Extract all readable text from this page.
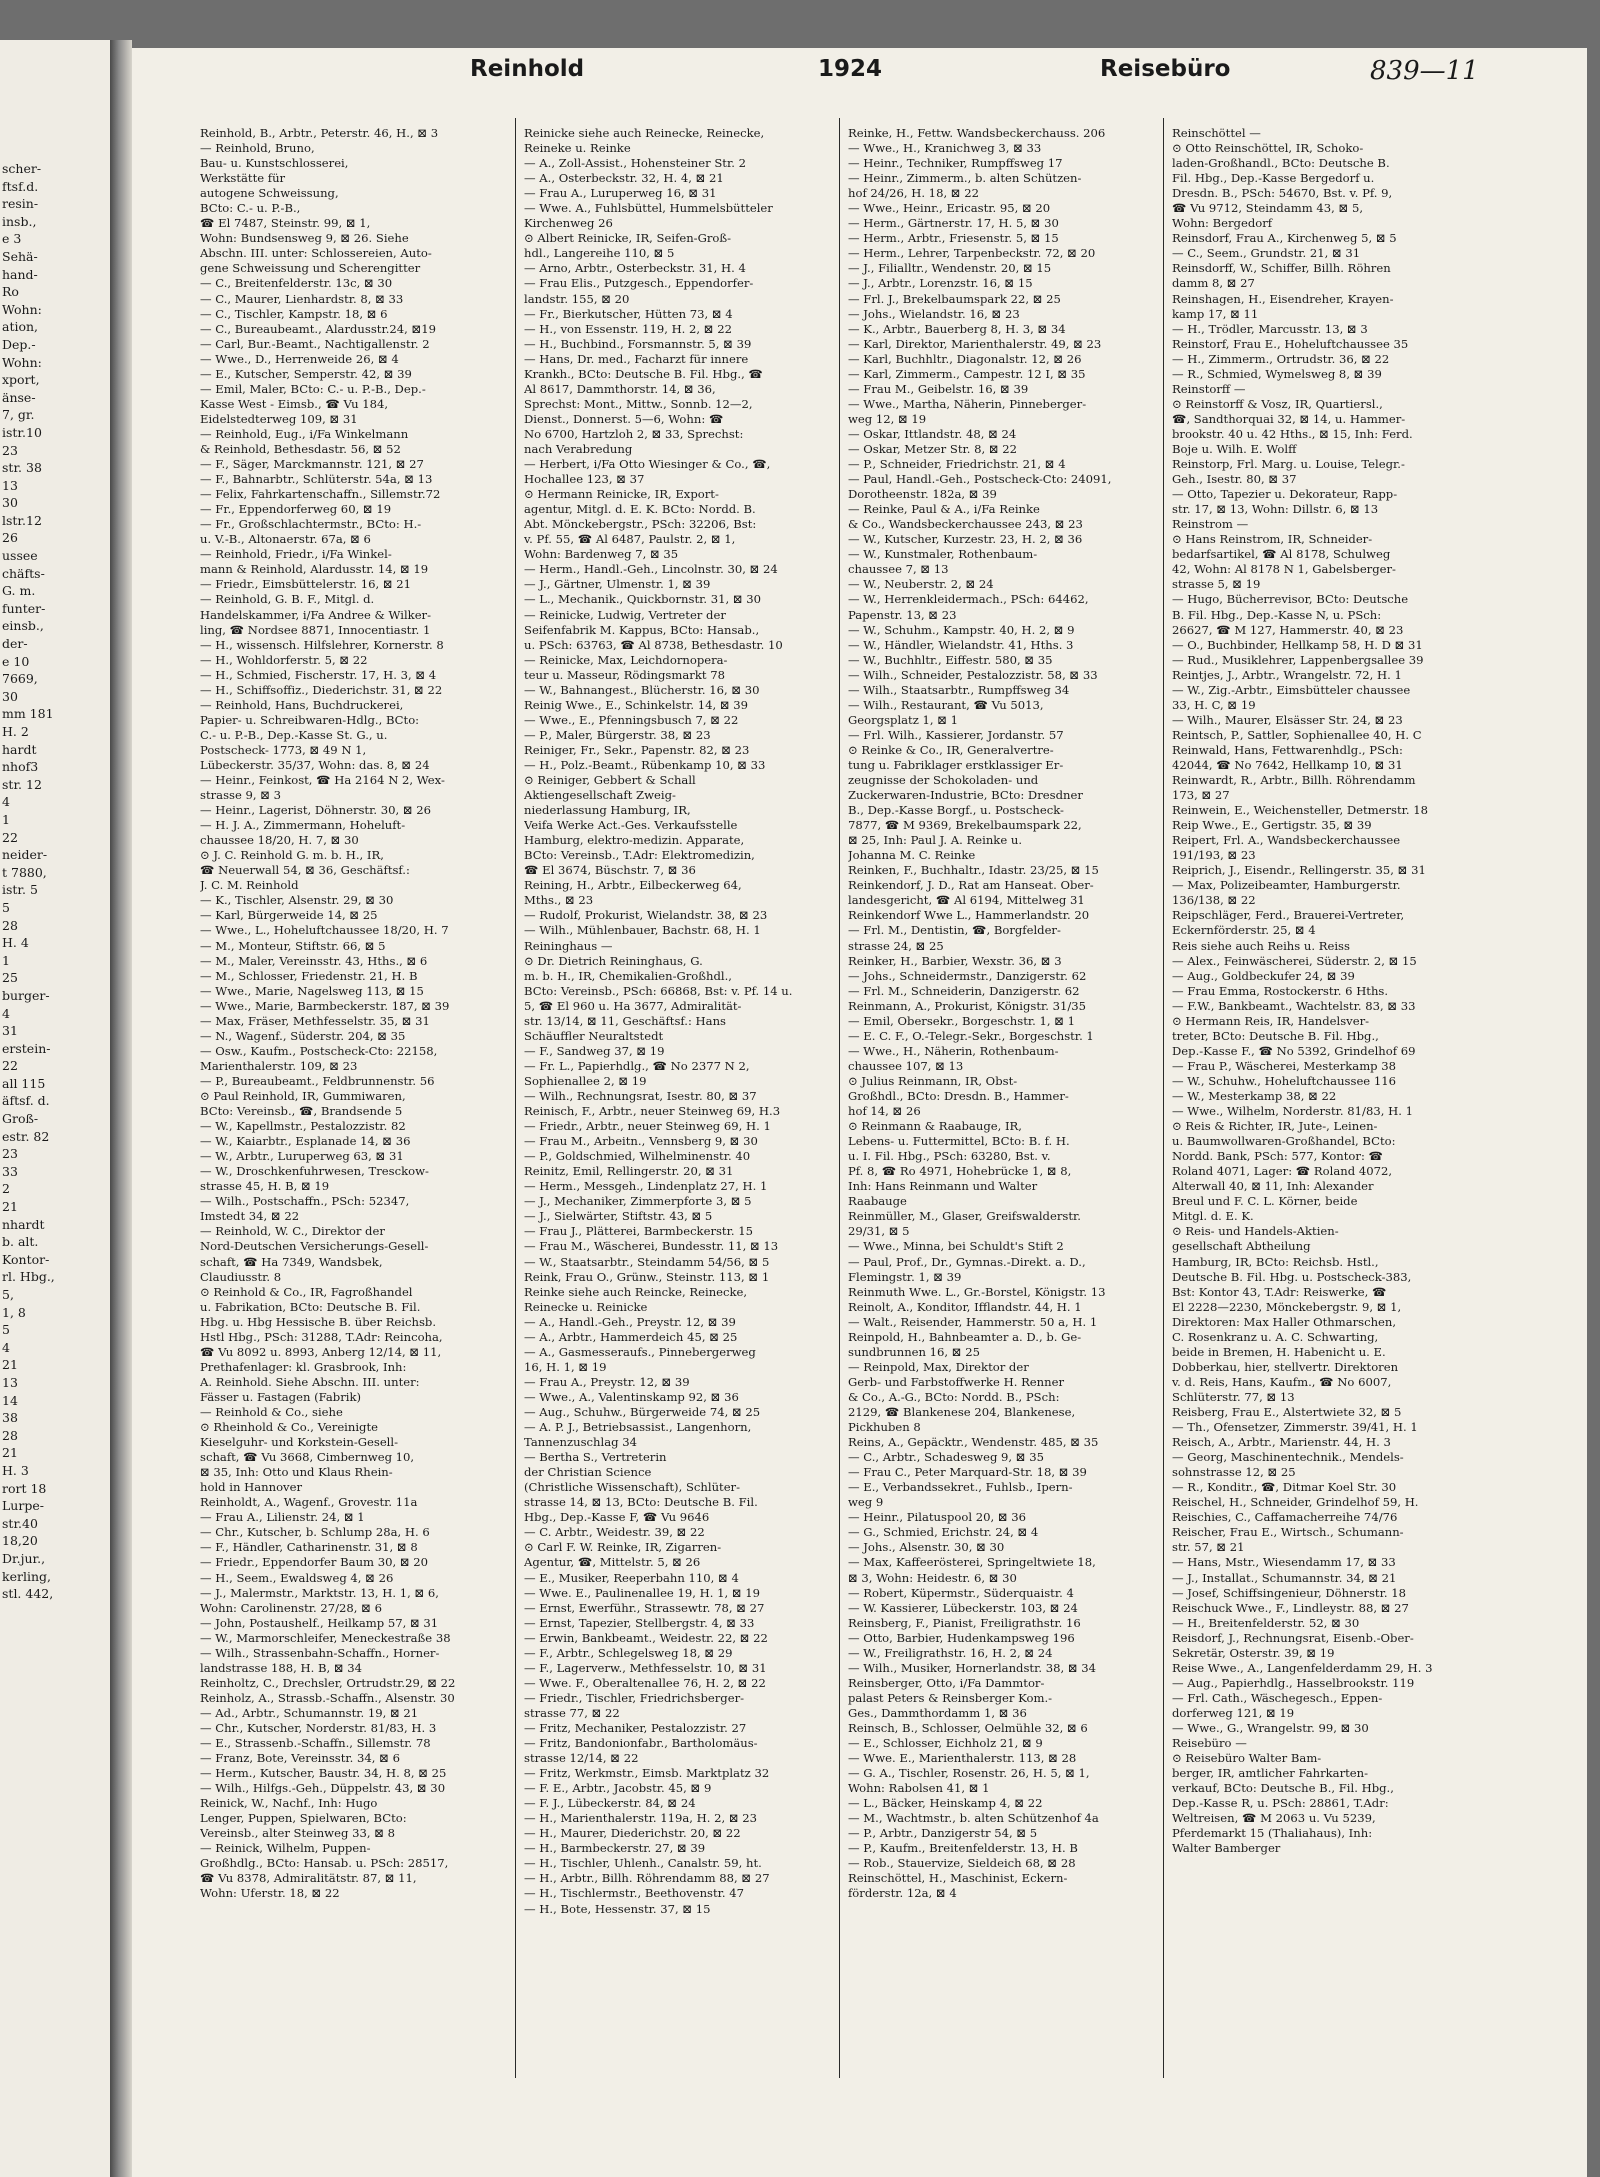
scher-
ftsf.d.
resin-
insb.,
e 3
Sehä-
hand-
Ro
Wohn:
ation,
Dep.-
Wohn:
xport,
änse-
7, gr.
istr.10
23
str. 38
13
30
lstr.12
26
ussee
chäfts-
G. m.
funter-
einsb.,
der-
e 10
7669,
30
mm 181
H. 2
hardt
nhof3
str. 12
4
1
22
neider-
t 7880,
istr. 5
5
28
H. 4
1
25
burger-
4
31
erstein-
22
all 115
äftsf. d.
Groß-
estr. 82
23
33
2
21
nhardt
b. alt.
Kontor-
rl. Hbg.,
5,
1, 8
5
4
21
13
14
38
28
21
H. 3
rort 18
Lurpe-
str.40
18,20
Dr.jur.,
kerling,
stl. 442,
Reinhold	1924	Reisebüro	839—11
Reinhold, B., Arbtr., Peterstr. 46, H., ⊠ 3
— Reinhold, Bruno,
Bau- u. Kunstschlosserei,
Werkstätte für
autogene Schweissung,
BCto: C.- u. P.-B.,
☎ El 7487, Steinstr. 99, ⊠ 1,
Wohn: Bundsensweg 9, ⊠ 26. Siehe
Abschn. III. unter: Schlossereien, Auto-
gene Schweissung und Scherengitter
— C., Breitenfelderstr. 13c, ⊠ 30
— C., Maurer, Lienhardstr. 8, ⊠ 33
— C., Tischler, Kampstr. 18, ⊠ 6
— C., Bureaubeamt., Alardusstr.24, ⊠19
— Carl, Bur.-Beamt., Nachtigallenstr. 2
— Wwe., D., Herrenweide 26, ⊠ 4
— E., Kutscher, Semperstr. 42, ⊠ 39
— Emil, Maler, BCto: C.- u. P.-B., Dep.-
Kasse West - Eimsb., ☎ Vu 184,
Eidelstedterweg 109, ⊠ 31
— Reinhold, Eug., i/Fa Winkelmann
& Reinhold, Bethesdastr. 56, ⊠ 52
— F., Säger, Marckmannstr. 121, ⊠ 27
— F., Bahnarbtr., Schlüterstr. 54a, ⊠ 13
— Felix, Fahrkartenschaffn., Sillemstr.72
— Fr., Eppendorferweg 60, ⊠ 19
— Fr., Großschlachtermstr., BCto: H.-
u. V.-B., Altonaerstr. 67a, ⊠ 6
— Reinhold, Friedr., i/Fa Winkel-
mann & Reinhold, Alardusstr. 14, ⊠ 19
— Friedr., Eimsbüttelerstr. 16, ⊠ 21
— Reinhold, G. B. F., Mitgl. d.
Handelskammer, i/Fa Andree & Wilker-
ling, ☎ Nordsee 8871, Innocentiastr. 1
— H., wissensch. Hilfslehrer, Kornerstr. 8
— H., Wohldorferstr. 5, ⊠ 22
— H., Schmied, Fischerstr. 17, H. 3, ⊠ 4
— H., Schiffsoffiz., Diederichstr. 31, ⊠ 22
— Reinhold, Hans, Buchdruckerei,
Papier- u. Schreibwaren-Hdlg., BCto:
C.- u. P.-B., Dep.-Kasse St. G., u.
Postscheck- 1773, ⊠ 49 N 1,
Lübeckerstr. 35/37, Wohn: das. 8, ⊠ 24
— Heinr., Feinkost, ☎ Ha 2164 N 2, Wex-
strasse 9, ⊠ 3
— Heinr., Lagerist, Döhnerstr. 30, ⊠ 26
— H. J. A., Zimmermann, Hoheluft-
chaussee 18/20, H. 7, ⊠ 30
⊙ J. C. Reinhold G. m. b. H., IR,
☎ Neuerwall 54, ⊠ 36, Geschäftsf.:
J. C. M. Reinhold
— K., Tischler, Alsenstr. 29, ⊠ 30
— Karl, Bürgerweide 14, ⊠ 25
— Wwe., L., Hoheluftchaussee 18/20, H. 7
— M., Monteur, Stiftstr. 66, ⊠ 5
— M., Maler, Vereinsstr. 43, Hths., ⊠ 6
— M., Schlosser, Friedenstr. 21, H. B
— Wwe., Marie, Nagelsweg 113, ⊠ 15
— Wwe., Marie, Barmbeckerstr. 187, ⊠ 39
— Max, Fräser, Methfesselstr. 35, ⊠ 31
— N., Wagenf., Süderstr. 204, ⊠ 35
— Osw., Kaufm., Postscheck-Cto: 22158,
Marienthalerstr. 109, ⊠ 23
— P., Bureaubeamt., Feldbrunnenstr. 56
⊙ Paul Reinhold, IR, Gummiwaren,
BCto: Vereinsb., ☎, Brandsende 5
— W., Kapellmstr., Pestalozzistr. 82
— W., Kaiarbtr., Esplanade 14, ⊠ 36
— W., Arbtr., Luruperweg 63, ⊠ 31
— W., Droschkenfuhrwesen, Tresckow-
strasse 45, H. B, ⊠ 19
— Wilh., Postschaffn., PSch: 52347,
Imstedt 34, ⊠ 22
— Reinhold, W. C., Direktor der
Nord-Deutschen Versicherungs-Gesell-
schaft, ☎ Ha 7349, Wandsbek,
Claudiusstr. 8
⊙ Reinhold & Co., IR, Fagroßhandel
u. Fabrikation, BCto: Deutsche B. Fil.
Hbg. u. Hbg Hessische B. über Reichsb.
Hstl Hbg., PSch: 31288, T.Adr: Reincoha,
☎ Vu 8092 u. 8993, Anberg 12/14, ⊠ 11,
Prethafenlager: kl. Grasbrook, Inh:
A. Reinhold. Siehe Abschn. III. unter:
Fässer u. Fastagen (Fabrik)
— Reinhold & Co., siehe
⊙ Rheinhold & Co., Vereinigte
Kieselguhr- und Korkstein-Gesell-
schaft, ☎ Vu 3668, Cimbernweg 10,
⊠ 35, Inh: Otto und Klaus Rhein-
hold in Hannover
Reinholdt, A., Wagenf., Grovestr. 11a
— Frau A., Lilienstr. 24, ⊠ 1
— Chr., Kutscher, b. Schlump 28a, H. 6
— F., Händler, Catharinenstr. 31, ⊠ 8
— Friedr., Eppendorfer Baum 30, ⊠ 20
— H., Seem., Ewaldsweg 4, ⊠ 26
— J., Malermstr., Marktstr. 13, H. 1, ⊠ 6,
Wohn: Carolinenstr. 27/28, ⊠ 6
— John, Postaushelf., Heilkamp 57, ⊠ 31
— W., Marmorschleifer, Meneckestraße 38
— Wilh., Strassenbahn-Schaffn., Horner-
landstrasse 188, H. B, ⊠ 34
Reinholtz, C., Drechsler, Ortrudstr.29, ⊠ 22
Reinholz, A., Strassb.-Schaffn., Alsenstr. 30
— Ad., Arbtr., Schumannstr. 19, ⊠ 21
— Chr., Kutscher, Norderstr. 81/83, H. 3
— E., Strassenb.-Schaffn., Sillemstr. 78
— Franz, Bote, Vereinsstr. 34, ⊠ 6
— Herm., Kutscher, Baustr. 34, H. 8, ⊠ 25
— Wilh., Hilfgs.-Geh., Düppelstr. 43, ⊠ 30
Reinick, W., Nachf., Inh: Hugo
Lenger, Puppen, Spielwaren, BCto:
Vereinsb., alter Steinweg 33, ⊠ 8
— Reinick, Wilhelm, Puppen-
Großhdlg., BCto: Hansab. u. PSch: 28517,
☎ Vu 8378, Admiralitätstr. 87, ⊠ 11,
Wohn: Uferstr. 18, ⊠ 22
Reinicke siehe auch Reinecke, Reinecke,
Reineke u. Reinke
— A., Zoll-Assist., Hohensteiner Str. 2
— A., Osterbeckstr. 32, H. 4, ⊠ 21
— Frau A., Luruperweg 16, ⊠ 31
— Wwe. A., Fuhlsbüttel, Hummelsbütteler
Kirchenweg 26
⊙ Albert Reinicke, IR, Seifen-Groß-
hdl., Langereihe 110, ⊠ 5
— Arno, Arbtr., Osterbeckstr. 31, H. 4
— Frau Elis., Putzgesch., Eppendorfer-
landstr. 155, ⊠ 20
— Fr., Bierkutscher, Hütten 73, ⊠ 4
— H., von Essenstr. 119, H. 2, ⊠ 22
— H., Buchbind., Forsmannstr. 5, ⊠ 39
— Hans, Dr. med., Facharzt für innere
Krankh., BCto: Deutsche B. Fil. Hbg., ☎
Al 8617, Dammthorstr. 14, ⊠ 36,
Sprechst: Mont., Mittw., Sonnb. 12—2,
Dienst., Donnerst. 5—6, Wohn: ☎
No 6700, Hartzloh 2, ⊠ 33, Sprechst:
nach Verabredung
— Herbert, i/Fa Otto Wiesinger & Co., ☎,
Hochallee 123, ⊠ 37
⊙ Hermann Reinicke, IR, Export-
agentur, Mitgl. d. E. K. BCto: Nordd. B.
Abt. Mönckebergstr., PSch: 32206, Bst:
v. Pf. 55, ☎ Al 6487, Paulstr. 2, ⊠ 1,
Wohn: Bardenweg 7, ⊠ 35
— Herm., Handl.-Geh., Lincolnstr. 30, ⊠ 24
— J., Gärtner, Ulmenstr. 1, ⊠ 39
— L., Mechanik., Quickbornstr. 31, ⊠ 30
— Reinicke, Ludwig, Vertreter der
Seifenfabrik M. Kappus, BCto: Hansab.,
u. PSch: 63763, ☎ Al 8738, Bethesdastr. 10
— Reinicke, Max, Leichdornopera-
teur u. Masseur, Rödingsmarkt 78
— W., Bahnangest., Blücherstr. 16, ⊠ 30
Reinig Wwe., E., Schinkelstr. 14, ⊠ 39
— Wwe., E., Pfenningsbusch 7, ⊠ 22
— P., Maler, Bürgerstr. 38, ⊠ 23
Reiniger, Fr., Sekr., Papenstr. 82, ⊠ 23
— H., Polz.-Beamt., Rübenkamp 10, ⊠ 33
⊙ Reiniger, Gebbert & Schall
Aktiengesellschaft Zweig-
niederlassung Hamburg, IR,
Veifa Werke Act.-Ges. Verkaufsstelle
Hamburg, elektro-medizin. Apparate,
BCto: Vereinsb., T.Adr: Elektromedizin,
☎ El 3674, Büschstr. 7, ⊠ 36
Reining, H., Arbtr., Eilbeckerweg 64,
Mths., ⊠ 23
— Rudolf, Prokurist, Wielandstr. 38, ⊠ 23
— Wilh., Mühlenbauer, Bachstr. 68, H. 1
Reininghaus —
⊙ Dr. Dietrich Reininghaus, G.
m. b. H., IR, Chemikalien-Großhdl.,
BCto: Vereinsb., PSch: 66868, Bst: v. Pf. 14 u.
5, ☎ El 960 u. Ha 3677, Admiralität-
str. 13/14, ⊠ 11, Geschäftsf.: Hans
Schäuffler Neuraltstedt
— F., Sandweg 37, ⊠ 19
— Fr. L., Papierhdlg., ☎ No 2377 N 2,
Sophienallee 2, ⊠ 19
— Wilh., Rechnungsrat, Isestr. 80, ⊠ 37
Reinisch, F., Arbtr., neuer Steinweg 69, H.3
— Friedr., Arbtr., neuer Steinweg 69, H. 1
— Frau M., Arbeitn., Vennsberg 9, ⊠ 30
— P., Goldschmied, Wilhelminenstr. 40
Reinitz, Emil, Rellingerstr. 20, ⊠ 31
— Herm., Messgeh., Lindenplatz 27, H. 1
— J., Mechaniker, Zimmerpforte 3, ⊠ 5
— J., Sielwärter, Stiftstr. 43, ⊠ 5
— Frau J., Plätterei, Barmbeckerstr. 15
— Frau M., Wäscherei, Bundesstr. 11, ⊠ 13
— W., Staatsarbtr., Steindamm 54/56, ⊠ 5
Reink, Frau O., Grünw., Steinstr. 113, ⊠ 1
Reinke siehe auch Reincke, Reinecke,
Reinecke u. Reinicke
— A., Handl.-Geh., Preystr. 12, ⊠ 39
— A., Arbtr., Hammerdeich 45, ⊠ 25
— A., Gasmesseraufs., Pinnebergerweg
16, H. 1, ⊠ 19
— Frau A., Preystr. 12, ⊠ 39
— Wwe., A., Valentinskamp 92, ⊠ 36
— Aug., Schuhw., Bürgerweide 74, ⊠ 25
— A. P. J., Betriebsassist., Langenhorn,
Tannenzuschlag 34
— Bertha S., Vertreterin
der Christian Science
(Christliche Wissenschaft), Schlüter-
strasse 14, ⊠ 13, BCto: Deutsche B. Fil.
Hbg., Dep.-Kasse F, ☎ Vu 9646
— C. Arbtr., Weidestr. 39, ⊠ 22
⊙ Carl F. W. Reinke, IR, Zigarren-
Agentur, ☎, Mittelstr. 5, ⊠ 26
— E., Musiker, Reeperbahn 110, ⊠ 4
— Wwe. E., Paulinenallee 19, H. 1, ⊠ 19
— Ernst, Ewerführ., Strassewtr. 78, ⊠ 27
— Ernst, Tapezier, Stellbergstr. 4, ⊠ 33
— Erwin, Bankbeamt., Weidestr. 22, ⊠ 22
— F., Arbtr., Schlegelsweg 18, ⊠ 29
— F., Lagerverw., Methfesselstr. 10, ⊠ 31
— Wwe. F., Oberaltenallee 76, H. 2, ⊠ 22
— Friedr., Tischler, Friedrichsberger-
strasse 77, ⊠ 22
— Fritz, Mechaniker, Pestalozzistr. 27
— Fritz, Bandonionfabr., Bartholomäus-
strasse 12/14, ⊠ 22
— Fritz, Werkmstr., Eimsb. Marktplatz 32
— F. E., Arbtr., Jacobstr. 45, ⊠ 9
— F. J., Lübeckerstr. 84, ⊠ 24
— H., Marienthalerstr. 119a, H. 2, ⊠ 23
— H., Maurer, Diederichstr. 20, ⊠ 22
— H., Barmbeckerstr. 27, ⊠ 39
— H., Tischler, Uhlenh., Canalstr. 59, ht.
— H., Arbtr., Billh. Röhrendamm 88, ⊠ 27
— H., Tischlermstr., Beethovenstr. 47
— H., Bote, Hessenstr. 37, ⊠ 15
Reinke, H., Fettw. Wandsbeckerchauss. 206
— Wwe., H., Kranichweg 3, ⊠ 33
— Heinr., Techniker, Rumpffsweg 17
— Heinr., Zimmerm., b. alten Schützen-
hof 24/26, H. 18, ⊠ 22
— Wwe., Heinr., Ericastr. 95, ⊠ 20
— Herm., Gärtnerstr. 17, H. 5, ⊠ 30
— Herm., Arbtr., Friesenstr. 5, ⊠ 15
— Herm., Lehrer, Tarpenbeckstr. 72, ⊠ 20
— J., Filialltr., Wendenstr. 20, ⊠ 15
— J., Arbtr., Lorenzstr. 16, ⊠ 15
— Frl. J., Brekelbaumspark 22, ⊠ 25
— Johs., Wielandstr. 16, ⊠ 23
— K., Arbtr., Bauerberg 8, H. 3, ⊠ 34
— Karl, Direktor, Marienthalerstr. 49, ⊠ 23
— Karl, Buchhltr., Diagonalstr. 12, ⊠ 26
— Karl, Zimmerm., Campestr. 12 I, ⊠ 35
— Frau M., Geibelstr. 16, ⊠ 39
— Wwe., Martha, Näherin, Pinneberger-
weg 12, ⊠ 19
— Oskar, Ittlandstr. 48, ⊠ 24
— Oskar, Metzer Str. 8, ⊠ 22
— P., Schneider, Friedrichstr. 21, ⊠ 4
— Paul, Handl.-Geh., Postscheck-Cto: 24091,
Dorotheenstr. 182a, ⊠ 39
— Reinke, Paul & A., i/Fa Reinke
& Co., Wandsbeckerchaussee 243, ⊠ 23
— W., Kutscher, Kurzestr. 23, H. 2, ⊠ 36
— W., Kunstmaler, Rothenbaum-
chaussee 7, ⊠ 13
— W., Neuberstr. 2, ⊠ 24
— W., Herrenkleidermach., PSch: 64462,
Papenstr. 13, ⊠ 23
— W., Schuhm., Kampstr. 40, H. 2, ⊠ 9
— W., Händler, Wielandstr. 41, Hths. 3
— W., Buchhltr., Eiffestr. 580, ⊠ 35
— Wilh., Schneider, Pestalozzistr. 58, ⊠ 33
— Wilh., Staatsarbtr., Rumpffsweg 34
— Wilh., Restaurant, ☎ Vu 5013,
Georgsplatz 1, ⊠ 1
— Frl. Wilh., Kassierer, Jordanstr. 57
⊙ Reinke & Co., IR, Generalvertre-
tung u. Fabriklager erstklassiger Er-
zeugnisse der Schokoladen- und
Zuckerwaren-Industrie, BCto: Dresdner
B., Dep.-Kasse Borgf., u. Postscheck-
7877, ☎ M 9369, Brekelbaumspark 22,
⊠ 25, Inh: Paul J. A. Reinke u.
Johanna M. C. Reinke
Reinken, F., Buchhaltr., Idastr. 23/25, ⊠ 15
Reinkendorf, J. D., Rat am Hanseat. Ober-
landesgericht, ☎ Al 6194, Mittelweg 31
Reinkendorf Wwe L., Hammerlandstr. 20
— Frl. M., Dentistin, ☎, Borgfelder-
strasse 24, ⊠ 25
Reinker, H., Barbier, Wexstr. 36, ⊠ 3
— Johs., Schneidermstr., Danzigerstr. 62
— Frl. M., Schneiderin, Danzigerstr. 62
Reinmann, A., Prokurist, Königstr. 31/35
— Emil, Obersekr., Borgeschstr. 1, ⊠ 1
— E. C. F., O.-Telegr.-Sekr., Borgeschstr. 1
— Wwe., H., Näherin, Rothenbaum-
chaussee 107, ⊠ 13
⊙ Julius Reinmann, IR, Obst-
Großhdl., BCto: Dresdn. B., Hammer-
hof 14, ⊠ 26
⊙ Reinmann & Raabauge, IR,
Lebens- u. Futtermittel, BCto: B. f. H.
u. I. Fil. Hbg., PSch: 63280, Bst. v.
Pf. 8, ☎ Ro 4971, Hohebrücke 1, ⊠ 8,
Inh: Hans Reinmann und Walter
Raabauge
Reinmüller, M., Glaser, Greifswalderstr.
29/31, ⊠ 5
— Wwe., Minna, bei Schuldt's Stift 2
— Paul, Prof., Dr., Gymnas.-Direkt. a. D.,
Flemingstr. 1, ⊠ 39
Reinmuth Wwe. L., Gr.-Borstel, Königstr. 13
Reinolt, A., Konditor, Ifflandstr. 44, H. 1
— Walt., Reisender, Hammerstr. 50 a, H. 1
Reinpold, H., Bahnbeamter a. D., b. Ge-
sundbrunnen 16, ⊠ 25
— Reinpold, Max, Direktor der
Gerb- und Farbstoffwerke H. Renner
& Co., A.-G., BCto: Nordd. B., PSch:
2129, ☎ Blankenese 204, Blankenese,
Pickhuben 8
Reins, A., Gepäcktr., Wendenstr. 485, ⊠ 35
— C., Arbtr., Schadesweg 9, ⊠ 35
— Frau C., Peter Marquard-Str. 18, ⊠ 39
— E., Verbandssekret., Fuhlsb., Ipern-
weg 9
— Heinr., Pilatuspool 20, ⊠ 36
— G., Schmied, Erichstr. 24, ⊠ 4
— Johs., Alsenstr. 30, ⊠ 30
— Max, Kaffeerösterei, Springeltwiete 18,
⊠ 3, Wohn: Heidestr. 6, ⊠ 30
— Robert, Küpermstr., Süderquaistr. 4
— W. Kassierer, Lübeckerstr. 103, ⊠ 24
Reinsberg, F., Pianist, Freiligrathstr. 16
— Otto, Barbier, Hudenkampsweg 196
— W., Freiligrathstr. 16, H. 2, ⊠ 24
— Wilh., Musiker, Hornerlandstr. 38, ⊠ 34
Reinsberger, Otto, i/Fa Dammtor-
palast Peters & Reinsberger Kom.-
Ges., Dammthordamm 1, ⊠ 36
Reinsch, B., Schlosser, Oelmühle 32, ⊠ 6
— E., Schlosser, Eichholz 21, ⊠ 9
— Wwe. E., Marienthalerstr. 113, ⊠ 28
— G. A., Tischler, Rosenstr. 26, H. 5, ⊠ 1,
Wohn: Rabolsen 41, ⊠ 1
— L., Bäcker, Heinskamp 4, ⊠ 22
— M., Wachtmstr., b. alten Schützenhof 4a
— P., Arbtr., Danzigerstr 54, ⊠ 5
— P., Kaufm., Breitenfelderstr. 13, H. B
— Rob., Stauervize, Sieldeich 68, ⊠ 28
Reinschöttel, H., Maschinist, Eckern-
förderstr. 12a, ⊠ 4
Reinschöttel —
⊙ Otto Reinschöttel, IR, Schoko-
laden-Großhandl., BCto: Deutsche B.
Fil. Hbg., Dep.-Kasse Bergedorf u.
Dresdn. B., PSch: 54670, Bst. v. Pf. 9,
☎ Vu 9712, Steindamm 43, ⊠ 5,
Wohn: Bergedorf
Reinsdorf, Frau A., Kirchenweg 5, ⊠ 5
— C., Seem., Grundstr. 21, ⊠ 31
Reinsdorff, W., Schiffer, Billh. Röhren
damm 8, ⊠ 27
Reinshagen, H., Eisendreher, Krayen-
kamp 17, ⊠ 11
— H., Trödler, Marcusstr. 13, ⊠ 3
Reinstorf, Frau E., Hoheluftchaussee 35
— H., Zimmerm., Ortrudstr. 36, ⊠ 22
— R., Schmied, Wymelsweg 8, ⊠ 39
Reinstorff —
⊙ Reinstorff & Vosz, IR, Quartiersl.,
☎, Sandthorquai 32, ⊠ 14, u. Hammer-
brookstr. 40 u. 42 Hths., ⊠ 15, Inh: Ferd.
Boje u. Wilh. E. Wolff
Reinstorp, Frl. Marg. u. Louise, Telegr.-
Geh., Isestr. 80, ⊠ 37
— Otto, Tapezier u. Dekorateur, Rapp-
str. 17, ⊠ 13, Wohn: Dillstr. 6, ⊠ 13
Reinstrom —
⊙ Hans Reinstrom, IR, Schneider-
bedarfsartikel, ☎ Al 8178, Schulweg
42, Wohn: Al 8178 N 1, Gabelsberger-
strasse 5, ⊠ 19
— Hugo, Bücherrevisor, BCto: Deutsche
B. Fil. Hbg., Dep.-Kasse N, u. PSch:
26627, ☎ M 127, Hammerstr. 40, ⊠ 23
— O., Buchbinder, Hellkamp 58, H. D ⊠ 31
— Rud., Musiklehrer, Lappenbergsallee 39
Reintjes, J., Arbtr., Wrangelstr. 72, H. 1
— W., Zig.-Arbtr., Eimsbütteler chaussee
33, H. C, ⊠ 19
— Wilh., Maurer, Elsässer Str. 24, ⊠ 23
Reintsch, P., Sattler, Sophienallee 40, H. C
Reinwald, Hans, Fettwarenhdlg., PSch:
42044, ☎ No 7642, Hellkamp 10, ⊠ 31
Reinwardt, R., Arbtr., Billh. Röhrendamm
173, ⊠ 27
Reinwein, E., Weichensteller, Detmerstr. 18
Reip Wwe., E., Gertigstr. 35, ⊠ 39
Reipert, Frl. A., Wandsbeckerchaussee
191/193, ⊠ 23
Reiprich, J., Eisendr., Rellingerstr. 35, ⊠ 31
— Max, Polizeibeamter, Hamburgerstr.
136/138, ⊠ 22
Reipschläger, Ferd., Brauerei-Vertreter,
Eckernförderstr. 25, ⊠ 4
Reis siehe auch Reihs u. Reiss
— Alex., Feinwäscherei, Süderstr. 2, ⊠ 15
— Aug., Goldbeckufer 24, ⊠ 39
— Frau Emma, Rostockerstr. 6 Hths.
— F.W., Bankbeamt., Wachtelstr. 83, ⊠ 33
⊙ Hermann Reis, IR, Handelsver-
treter, BCto: Deutsche B. Fil. Hbg.,
Dep.-Kasse F., ☎ No 5392, Grindelhof 69
— Frau P., Wäscherei, Mesterkamp 38
— W., Schuhw., Hoheluftchaussee 116
— W., Mesterkamp 38, ⊠ 22
— Wwe., Wilhelm, Norderstr. 81/83, H. 1
⊙ Reis & Richter, IR, Jute-, Leinen-
u. Baumwollwaren-Großhandel, BCto:
Nordd. Bank, PSch: 577, Kontor: ☎
Roland 4071, Lager: ☎ Roland 4072,
Alterwall 40, ⊠ 11, Inh: Alexander
Breul und F. C. L. Körner, beide
Mitgl. d. E. K.
⊙ Reis- und Handels-Aktien-
gesellschaft Abtheilung
Hamburg, IR, BCto: Reichsb. Hstl.,
Deutsche B. Fil. Hbg. u. Postscheck-383,
Bst: Kontor 43, T.Adr: Reiswerke, ☎
El 2228—2230, Mönckebergstr. 9, ⊠ 1,
Direktoren: Max Haller Othmarschen,
C. Rosenkranz u. A. C. Schwarting,
beide in Bremen, H. Habenicht u. E.
Dobberkau, hier, stellvertr. Direktoren
v. d. Reis, Hans, Kaufm., ☎ No 6007,
Schlüterstr. 77, ⊠ 13
Reisberg, Frau E., Alstertwiete 32, ⊠ 5
— Th., Ofensetzer, Zimmerstr. 39/41, H. 1
Reisch, A., Arbtr., Marienstr. 44, H. 3
— Georg, Maschinentechnik., Mendels-
sohnstrasse 12, ⊠ 25
— R., Konditr., ☎, Ditmar Koel Str. 30
Reischel, H., Schneider, Grindelhof 59, H.
Reischies, C., Caffamacherreihe 74/76
Reischer, Frau E., Wirtsch., Schumann-
str. 57, ⊠ 21
— Hans, Mstr., Wiesendamm 17, ⊠ 33
— J., Installat., Schumannstr. 34, ⊠ 21
— Josef, Schiffsingenieur, Döhnerstr. 18
Reischuck Wwe., F., Lindleystr. 88, ⊠ 27
— H., Breitenfelderstr. 52, ⊠ 30
Reisdorf, J., Rechnungsrat, Eisenb.-Ober-
Sekretär, Osterstr. 39, ⊠ 19
Reise Wwe., A., Langenfelderdamm 29, H. 3
— Aug., Papierhdlg., Hasselbrookstr. 119
— Frl. Cath., Wäschegesch., Eppen-
dorferweg 121, ⊠ 19
— Wwe., G., Wrangelstr. 99, ⊠ 30
Reisebüro —
⊙ Reisebüro Walter Bam-
berger, IR, amtlicher Fahrkarten-
verkauf, BCto: Deutsche B., Fil. Hbg.,
Dep.-Kasse R, u. PSch: 28861, T.Adr:
Weltreisen, ☎ M 2063 u. Vu 5239,
Pferdemarkt 15 (Thaliahaus), Inh:
Walter Bamberger
